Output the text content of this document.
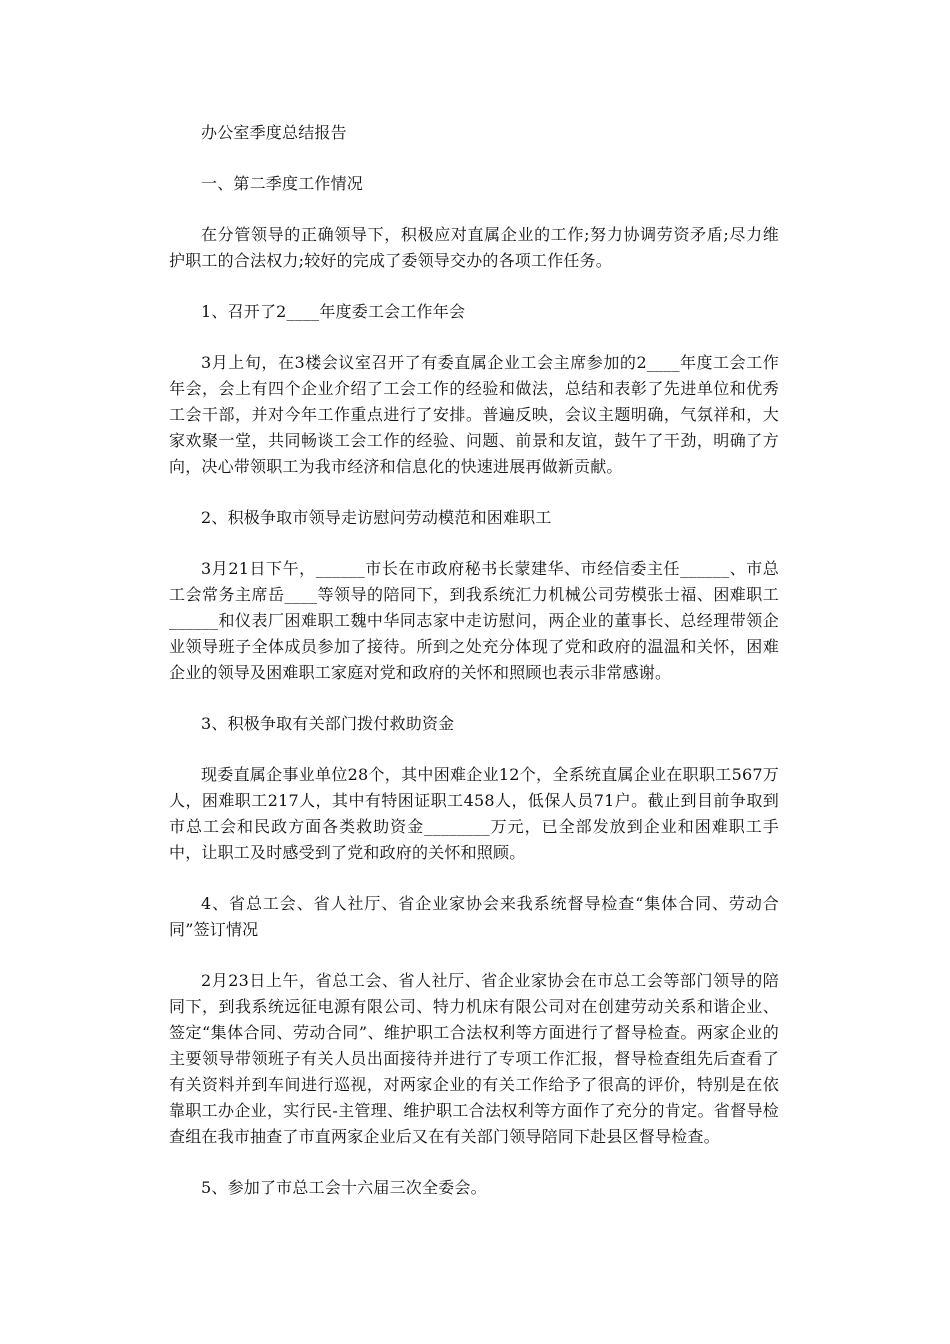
办公室季度总结报告

一、第二季度工作情况

在分管领导的正确领导下，积极应对直属企业的工作;努力协调劳资矛盾;尽力维护职工的合法权力;较好的完成了委领导交办的各项工作任务。

1、召开了2____年度委工会工作年会

3月上旬，在3楼会议室召开了有委直属企业工会主席参加的2____年度工会工作年会，会上有四个企业介绍了工会工作的经验和做法，总结和表彰了先进单位和优秀工会干部，并对今年工作重点进行了安排。普遍反映，会议主题明确，气氛祥和，大家欢聚一堂，共同畅谈工会工作的经验、问题、前景和友谊，鼓午了干劲，明确了方向，决心带领职工为我市经济和信息化的快速进展再做新贡献。

2、积极争取市领导走访慰问劳动模范和困难职工

3月21日下午，______市长在市政府秘书长蒙建华、市经信委主任______、市总工会常务主席岳____等领导的陪同下，到我系统汇力机械公司劳模张士福、困难职工______和仪表厂困难职工魏中华同志家中走访慰问，两企业的董事长、总经理带领企业领导班子全体成员参加了接待。所到之处充分体现了党和政府的温温和关怀，困难企业的领导及困难职工家庭对党和政府的关怀和照顾也表示非常感谢。

3、积极争取有关部门拨付救助资金

现委直属企事业单位28个，其中困难企业12个，全系统直属企业在职职工567万人，困难职工217人，其中有特困证职工458人，低保人员71户。截止到目前争取到市总工会和民政方面各类救助资金________万元，已全部发放到企业和困难职工手中，让职工及时感受到了党和政府的关怀和照顾。

4、省总工会、省人社厅、省企业家协会来我系统督导检查“集体合同、劳动合同”签订情况

2月23日上午，省总工会、省人社厅、省企业家协会在市总工会等部门领导的陪同下，到我系统远征电源有限公司、特力机床有限公司对在创建劳动关系和谐企业、签定“集体合同、劳动合同”、维护职工合法权利等方面进行了督导检查。两家企业的主要领导带领班子有关人员出面接待并进行了专项工作汇报，督导检查组先后查看了有关资料并到车间进行巡视，对两家企业的有关工作给予了很高的评价，特别是在依靠职工办企业，实行民-主管理、维护职工合法权利等方面作了充分的肯定。省督导检查组在我市抽查了市直两家企业后又在有关部门领导陪同下赴县区督导检查。

5、参加了市总工会十六届三次全委会。
